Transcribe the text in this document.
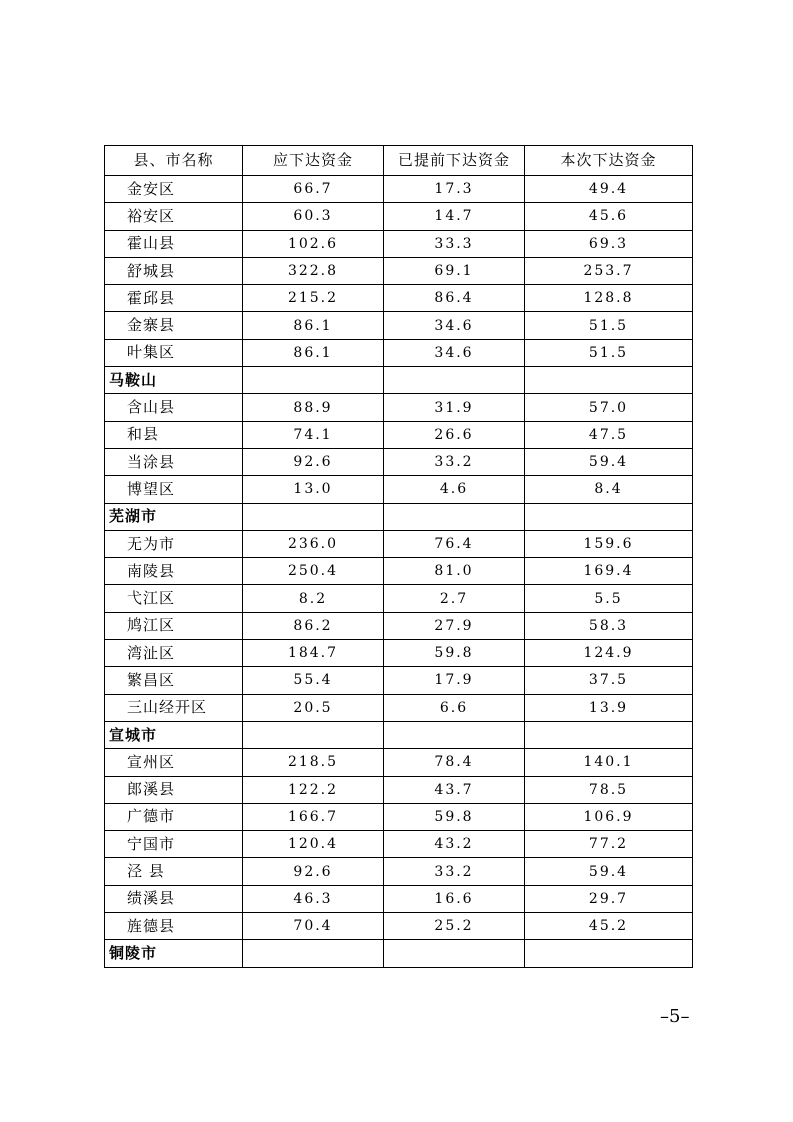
县、市名称	应下达资金	已提前下达资金	本次下达资金
金安区	66.7	17.3	49.4
裕安区	60.3	14.7	45.6
霍山县	102.6	33.3	69.3
舒城县	322.8	69.1	253.7
霍邱县	215.2	86.4	128.8
金寨县	86.1	34.6	51.5
叶集区	86.1	34.6	51.5
马鞍山			
含山县	88.9	31.9	57.0
和县	74.1	26.6	47.5
当涂县	92.6	33.2	59.4
博望区	13.0	4.6	8.4
芜湖市			
无为市	236.0	76.4	159.6
南陵县	250.4	81.0	169.4
弋江区	8.2	2.7	5.5
鸠江区	86.2	27.9	58.3
湾沚区	184.7	59.8	124.9
繁昌区	55.4	17.9	37.5
三山经开区	20.5	6.6	13.9
宣城市			
宣州区	218.5	78.4	140.1
郎溪县	122.2	43.7	78.5
广德市	166.7	59.8	106.9
宁国市	120.4	43.2	77.2
泾 县	92.6	33.2	59.4
绩溪县	46.3	16.6	29.7
旌德县	70.4	25.2	45.2
铜陵市			
–5–
